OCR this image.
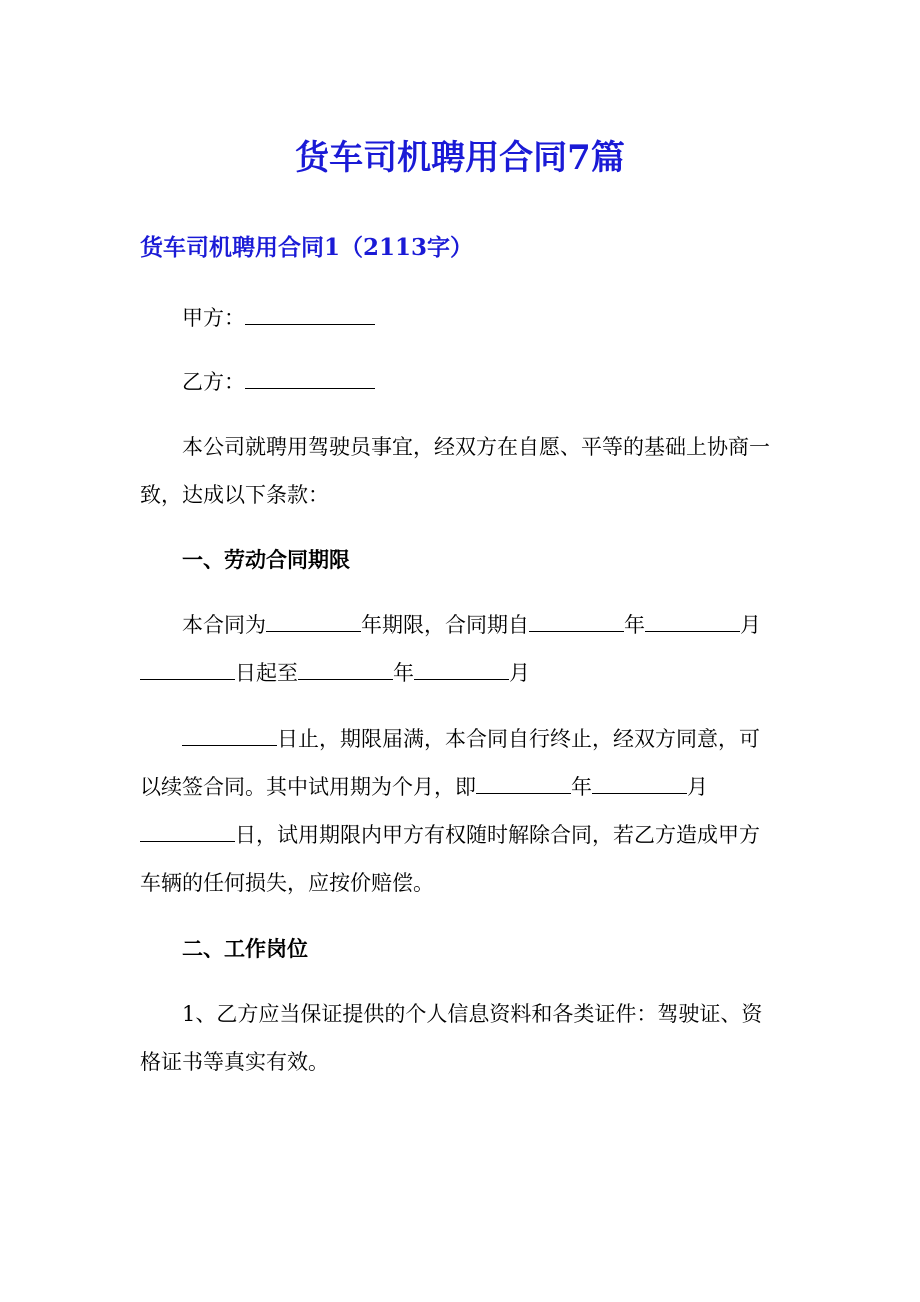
货车司机聘用合同7篇
货车司机聘用合同1（2113字）

甲方：

乙方：

本公司就聘用驾驶员事宜，经双方在自愿、平等的基础上协商一

致，达成以下条款：

一、劳动合同期限

本合同为	年期限，合同期自	年	月

日起至	年	月

日止，期限届满，本合同自行终止，经双方同意，可

以续签合同。其中试用期为个月，即	年	月

日，试用期限内甲方有权随时解除合同，若乙方造成甲方

车辆的任何损失，应按价赔偿。

二、工作岗位

1、乙方应当保证提供的个人信息资料和各类证件：驾驶证、资

格证书等真实有效。
